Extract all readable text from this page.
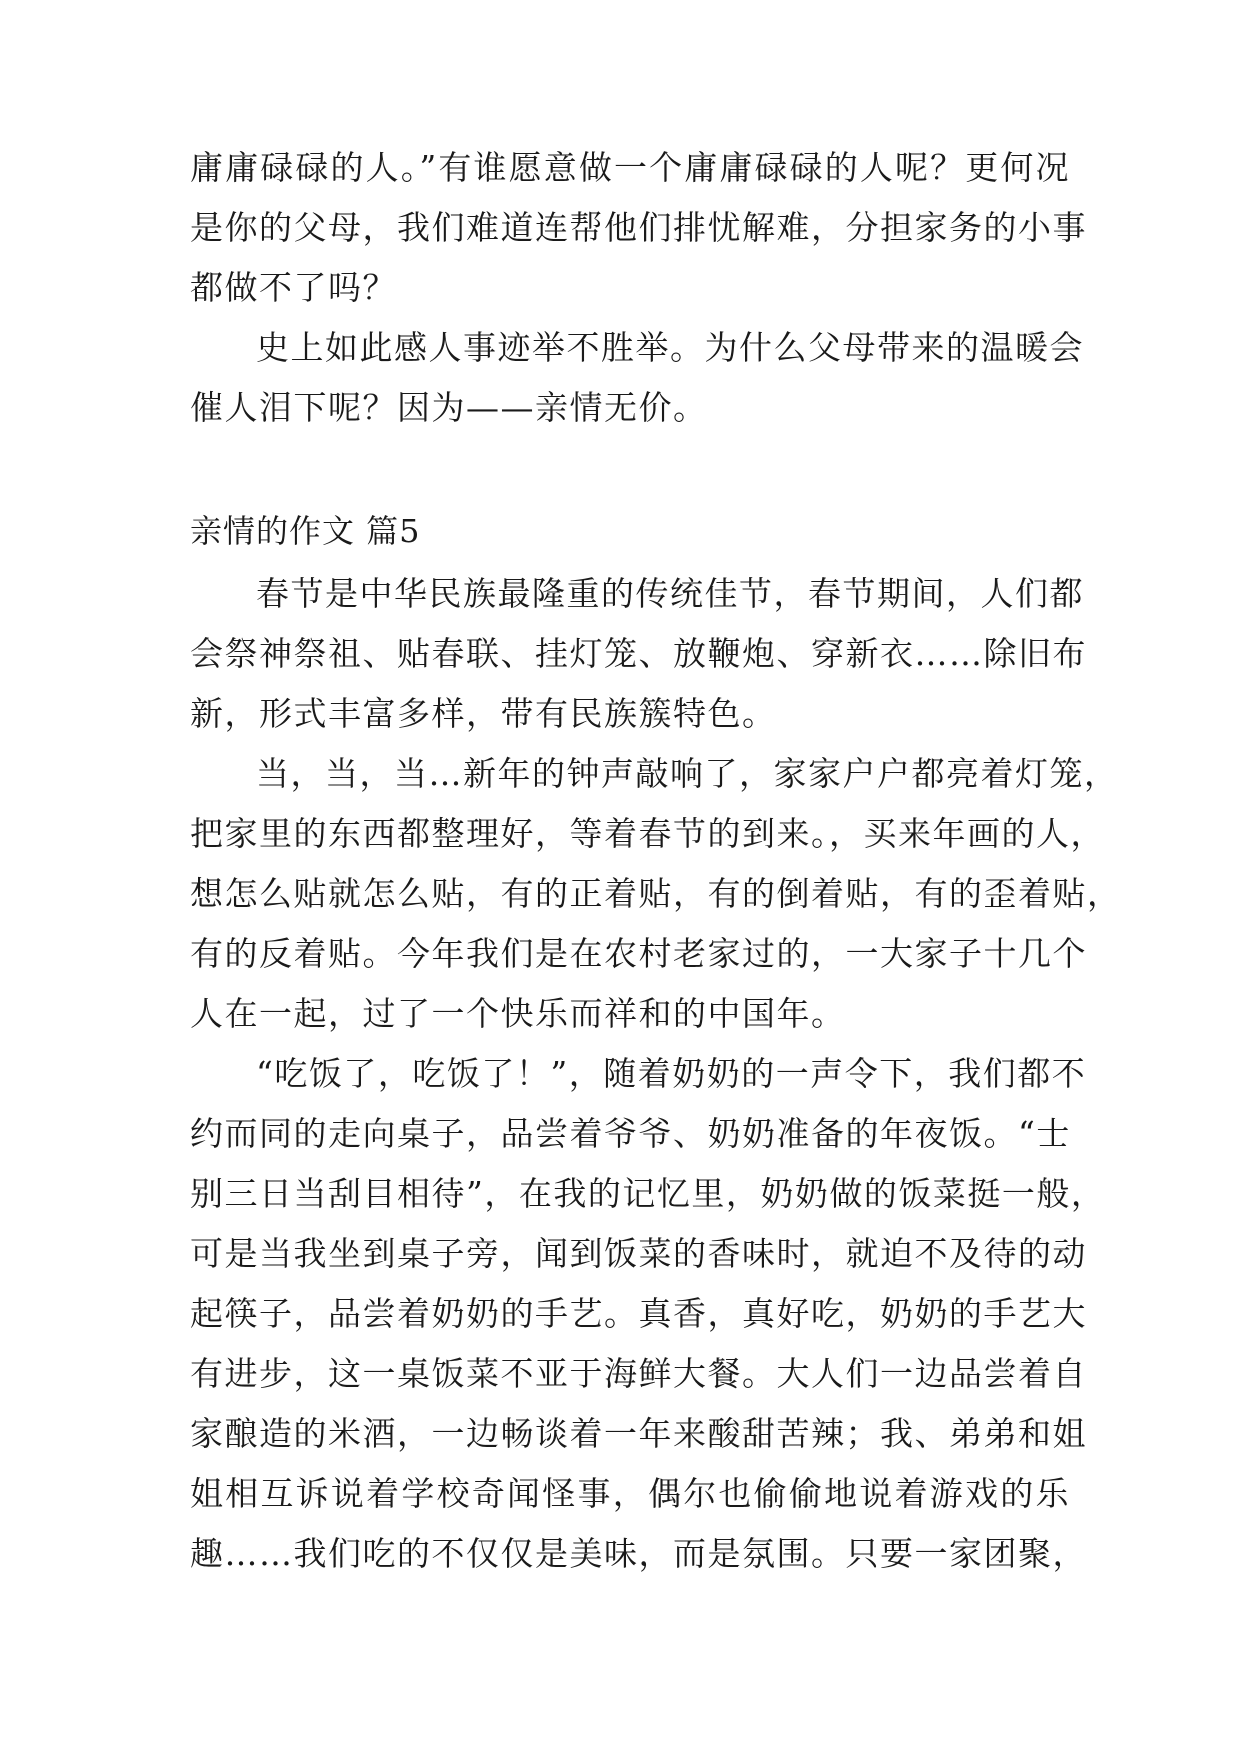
庸庸碌碌的人。”有谁愿意做一个庸庸碌碌的人呢？更何况
是你的父母，我们难道连帮他们排忧解难，分担家务的小事
都做不了吗？
史上如此感人事迹举不胜举。为什么父母带来的温暖会
催人泪下呢？因为——亲情无价。
亲情的作文 篇5
春节是中华民族最隆重的传统佳节，春节期间，人们都
会祭神祭祖、贴春联、挂灯笼、放鞭炮、穿新衣……除旧布
新，形式丰富多样，带有民族簇特色。
当，当，当…新年的钟声敲响了，家家户户都亮着灯笼，
把家里的东西都整理好，等着春节的到来。，买来年画的人，
想怎么贴就怎么贴，有的正着贴，有的倒着贴，有的歪着贴，
有的反着贴。今年我们是在农村老家过的，一大家子十几个
人在一起，过了一个快乐而祥和的中国年。
“吃饭了，吃饭了！”，随着奶奶的一声令下，我们都不
约而同的走向桌子，品尝着爷爷、奶奶准备的年夜饭。“士
别三日当刮目相待”，在我的记忆里，奶奶做的饭菜挺一般，
可是当我坐到桌子旁，闻到饭菜的香味时，就迫不及待的动
起筷子，品尝着奶奶的手艺。真香，真好吃，奶奶的手艺大
有进步，这一桌饭菜不亚于海鲜大餐。大人们一边品尝着自
家酿造的米酒，一边畅谈着一年来酸甜苦辣；我、弟弟和姐
姐相互诉说着学校奇闻怪事，偶尔也偷偷地说着游戏的乐
趣……我们吃的不仅仅是美味，而是氛围。只要一家团聚，
